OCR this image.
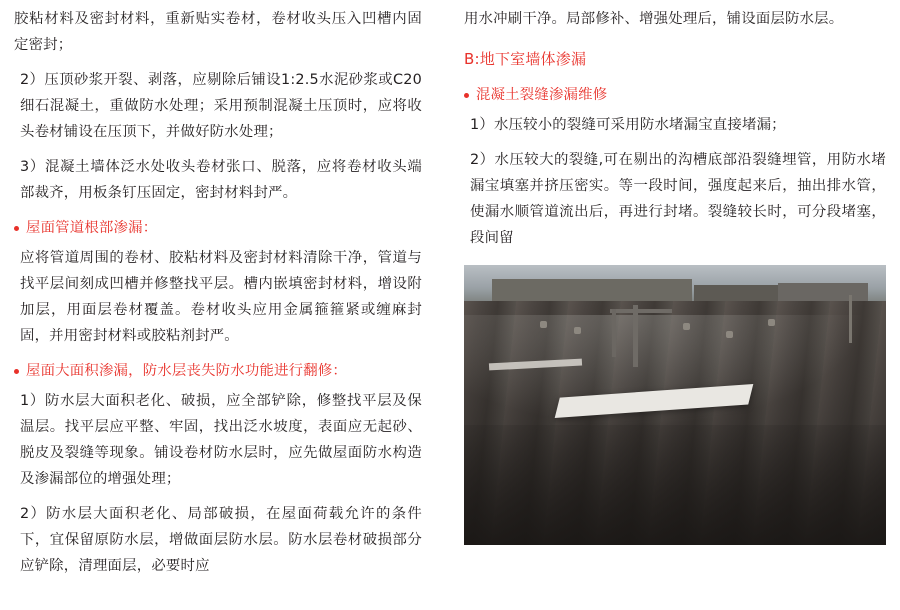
胶粘材料及密封材料，重新贴实卷材，卷材收头压入凹槽内固定密封；

2）压顶砂浆开裂、剥落，应剔除后铺设1:2.5水泥砂浆或C20细石混凝土，重做防水处理；采用预制混凝土压顶时，应将收头卷材铺设在压顶下，并做好防水处理；

3）混凝土墙体泛水处收头卷材张口、脱落，应将卷材收头端部裁齐，用板条钉压固定，密封材料封严。

屋面管道根部渗漏：

应将管道周围的卷材、胶粘材料及密封材料清除干净，管道与找平层间刻成凹槽并修整找平层。槽内嵌填密封材料，增设附加层，用面层卷材覆盖。卷材收头应用金属箍箍紧或缠麻封固，并用密封材料或胶粘剂封严。

屋面大面积渗漏，防水层丧失防水功能进行翻修：

1）防水层大面积老化、破损，应全部铲除，修整找平层及保温层。找平层应平整、牢固，找出泛水坡度，表面应无起砂、脱皮及裂缝等现象。铺设卷材防水层时，应先做屋面防水构造及渗漏部位的增强处理；

2）防水层大面积老化、局部破损，在屋面荷载允许的条件下，宜保留原防水层，增做面层防水层。防水层卷材破损部分应铲除，清理面层，必要时应

用水冲刷干净。局部修补、增强处理后，铺设面层防水层。

B:地下室墙体渗漏
混凝土裂缝渗漏维修

1）水压较小的裂缝可采用防水堵漏宝直接堵漏；

2）水压较大的裂缝,可在剔出的沟槽底部沿裂缝埋管，用防水堵漏宝填塞并挤压密实。等一段时间，强度起来后，抽出排水管，使漏水顺管道流出后，再进行封堵。裂缝较长时，可分段堵塞，段间留
